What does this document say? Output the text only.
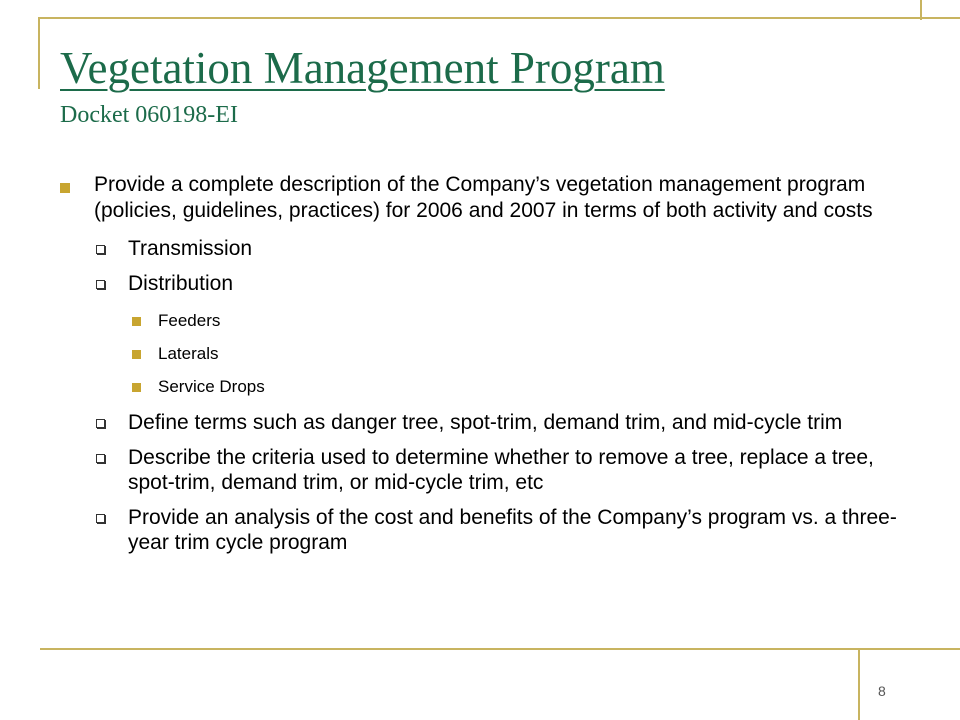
Vegetation Management Program
Docket 060198-EI
Provide a complete description of the Company’s vegetation management program (policies, guidelines, practices) for 2006 and 2007 in terms of both activity and costs
Transmission
Distribution
Feeders
Laterals
Service Drops
Define terms such as danger tree, spot-trim, demand trim, and mid-cycle trim
Describe the criteria used to determine whether to remove a tree, replace a tree, spot-trim, demand trim, or mid-cycle trim, etc
Provide an analysis of the cost and benefits of the Company’s program vs. a three-year trim cycle program
8
